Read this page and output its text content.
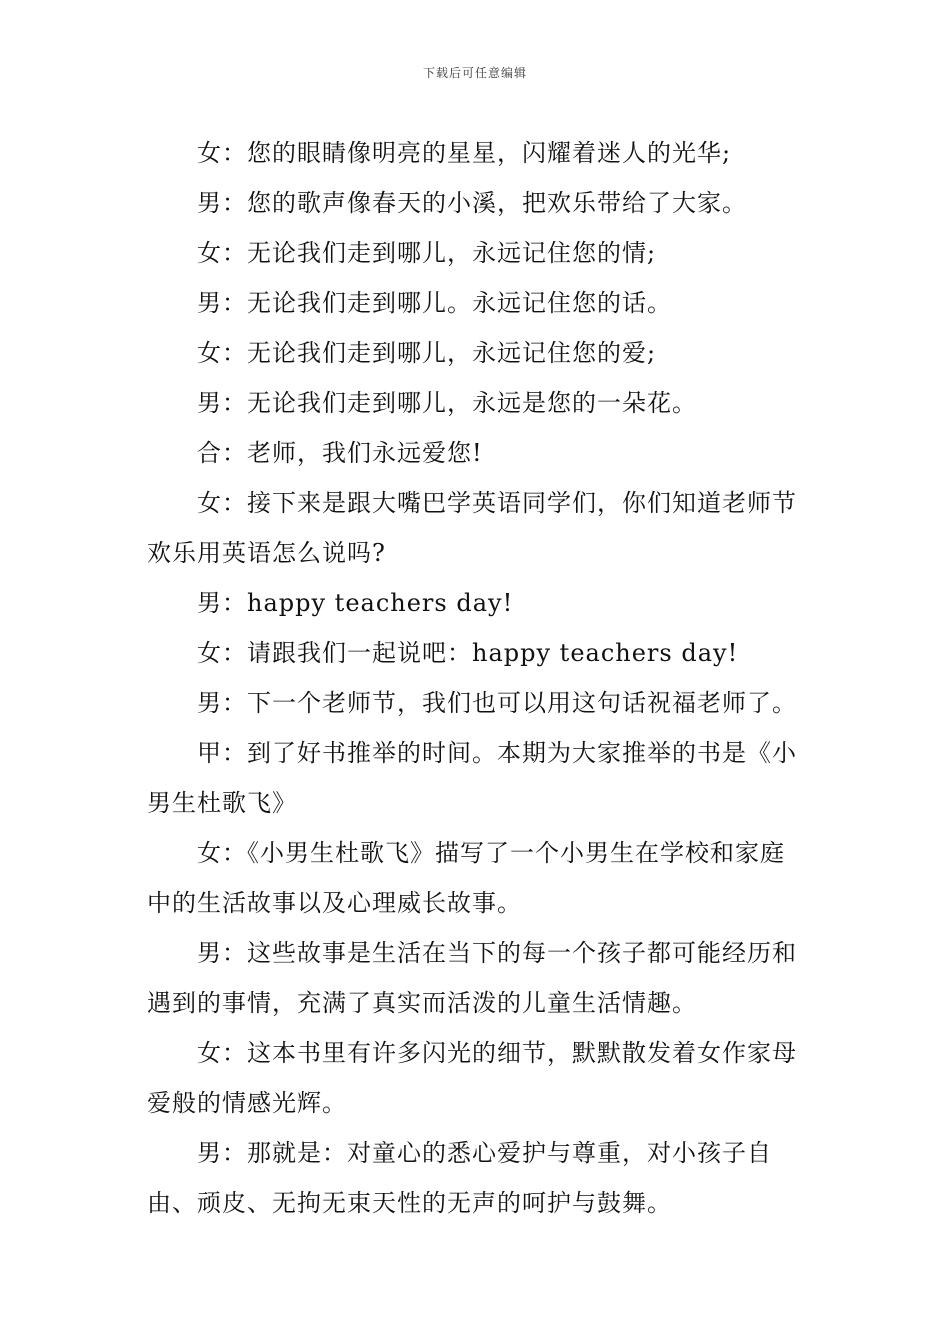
下载后可任意编辑

女：您的眼睛像明亮的星星，闪耀着迷人的光华;

男：您的歌声像春天的小溪，把欢乐带给了大家。

女：无论我们走到哪儿，永远记住您的情;

男：无论我们走到哪儿。永远记住您的话。

女：无论我们走到哪儿，永远记住您的爱;

男：无论我们走到哪儿，永远是您的一朵花。

合：老师，我们永远爱您!

女：接下来是跟大嘴巴学英语同学们，你们知道老师节欢乐用英语怎么说吗?

男：happy teachers day!

女：请跟我们一起说吧：happy teachers day!

男：下一个老师节，我们也可以用这句话祝福老师了。

甲：到了好书推举的时间。本期为大家推举的书是《小男生杜歌飞》

女：《小男生杜歌飞》描写了一个小男生在学校和家庭中的生活故事以及心理威长故事。

男：这些故事是生活在当下的每一个孩子都可能经历和遇到的事情，充满了真实而活泼的儿童生活情趣。

女：这本书里有许多闪光的细节，默默散发着女作家母爱般的情感光辉。

男：那就是：对童心的悉心爱护与尊重，对小孩子自由、顽皮、无拘无束天性的无声的呵护与鼓舞。
